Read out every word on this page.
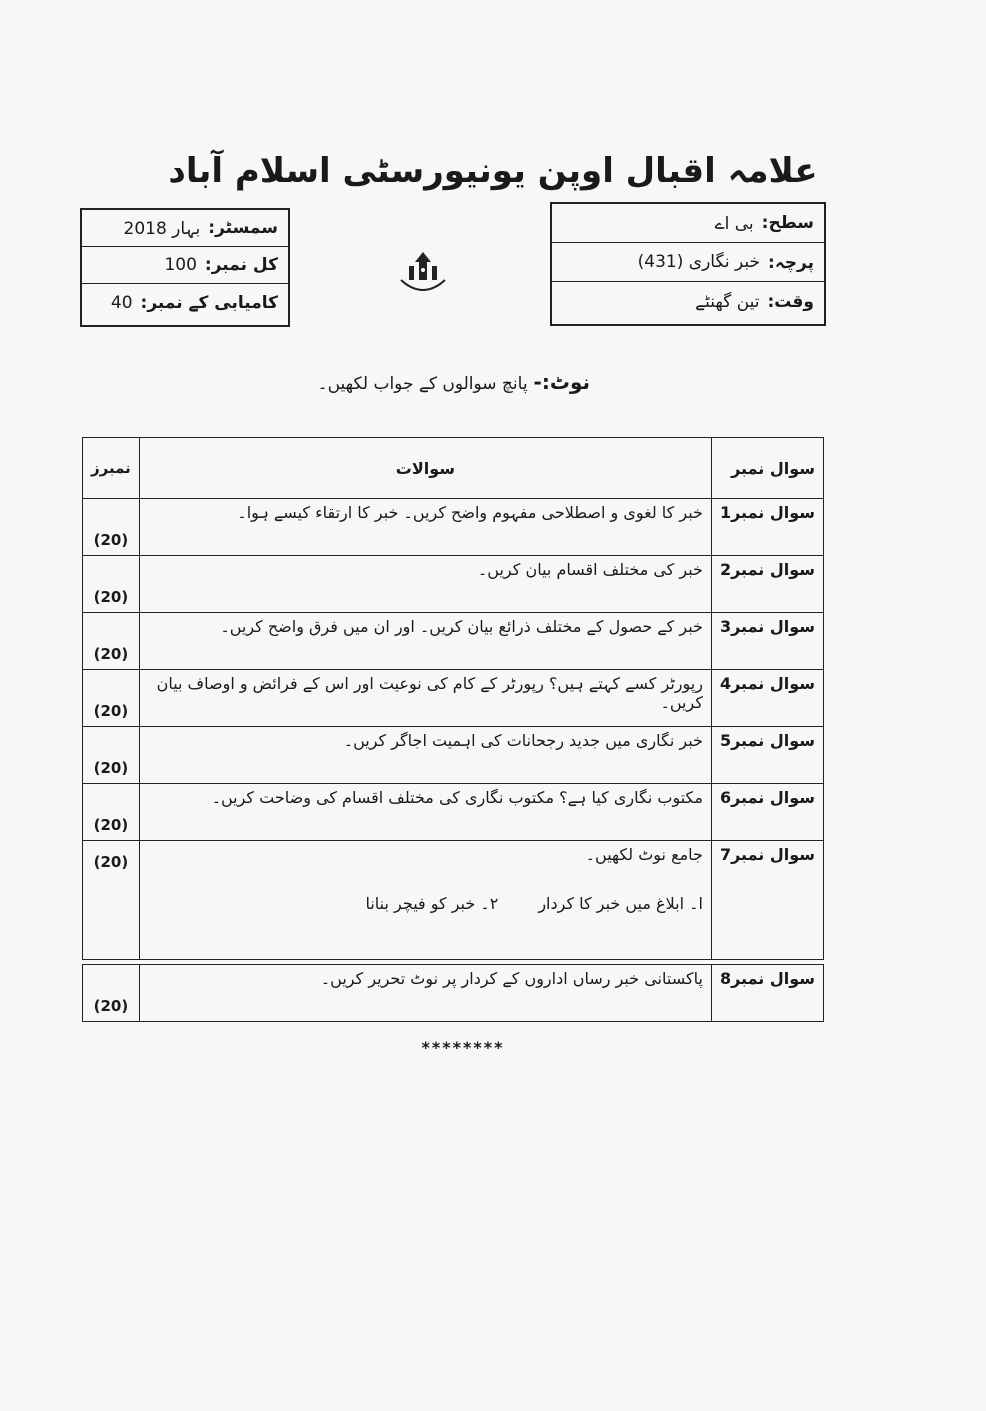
علامہ اقبال اوپن یونیورسٹی اسلام آباد
سطح:
بی اے
پرچہ:
خبر نگاری (431)
وقت:
تین گھنٹے
سمسٹر:
بہار 2018
کل نمبر:
100
کامیابی کے نمبر:
40
نوٹ:-پانچ سوالوں کے جواب لکھیں۔
سوال نمبر	سوالات	نمبرز
سوال نمبر1	خبر کا لغوی و اصطلاحی مفہوم واضح کریں۔ خبر کا ارتقاء کیسے ہوا۔	(20)
سوال نمبر2	خبر کی مختلف اقسام بیان کریں۔	(20)
سوال نمبر3	خبر کے حصول کے مختلف ذرائع بیان کریں۔ اور ان میں فرق واضح کریں۔	(20)
سوال نمبر4	رپورٹر کسے کہتے ہیں؟ رپورٹر کے کام کی نوعیت اور اس کے فرائض و اوصاف بیان کریں۔	(20)
سوال نمبر5	خبر نگاری میں جدید رجحانات کی اہمیت اجاگر کریں۔	(20)
سوال نمبر6	مکتوب نگاری کیا ہے؟ مکتوب نگاری کی مختلف اقسام کی وضاحت کریں۔	(20)
سوال نمبر7	جامع نوٹ لکھیں۔
ا۔ ابلاغ میں خبر کا کردار
۲۔ خبر کو فیچر بنانا	(20)

سوال نمبر8	پاکستانی خبر رساں اداروں کے کردار پر نوٹ تحریر کریں۔	(20)
********
